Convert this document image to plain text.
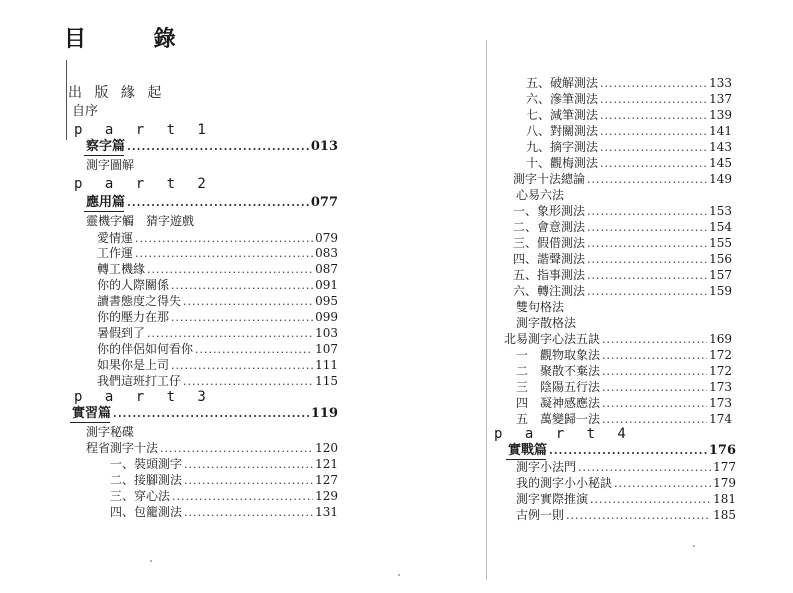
目 錄
出 版 緣 起
自序
p a r t 1
察字篇 .....	013
測字圖解
p a r t 2
應用篇 .....	077
靈機字觸　猜字遊戲
愛情運 .....	079
工作運 .....	083
轉工機緣 .....	087
你的人際關係 .....	091
讀書態度之得失 .....	095
你的壓力在那 .....	099
暑假到了 .....	103
你的伴侶如何看你 .....	107
如果你是上司 .....	111
我們這班打工仔 .....	115
p a r t 3
實習篇 .....	119
測字秘碟
程省測字十法 .....	120
一、裝頭測字 .....	121
二、接腳測法 .....	127
三、穿心法 .....	129
四、包籠測法 .....	131
五、破解測法 .....	133
六、滲筆測法 .....	137
七、減筆測法 .....	139
八、對關測法 .....	141
九、摘字測法 .....	143
十、觀梅測法 .....	145
測字十法總論 .....	149
心易六法
一、象形測法 .....	153
二、會意測法 .....	154
三、假借測法 .....	155
四、諧聲測法 .....	156
五、指事測法 .....	157
六、轉注測法 .....	159
雙句格法
測字散格法
北易測字心法五訣 .....	169
一　觀物取象法 .....	172
二　聚散不棄法 .....	172
三　陰陽五行法 .....	173
四　凝神感應法 .....	173
五　萬變歸一法 .....	174
p a r t 4
實戰篇 .....	176
測字小法門 .....	177
我的測字小小秘訣 .....	179
測字實際推演 .....	181
古例一則 .....	185
